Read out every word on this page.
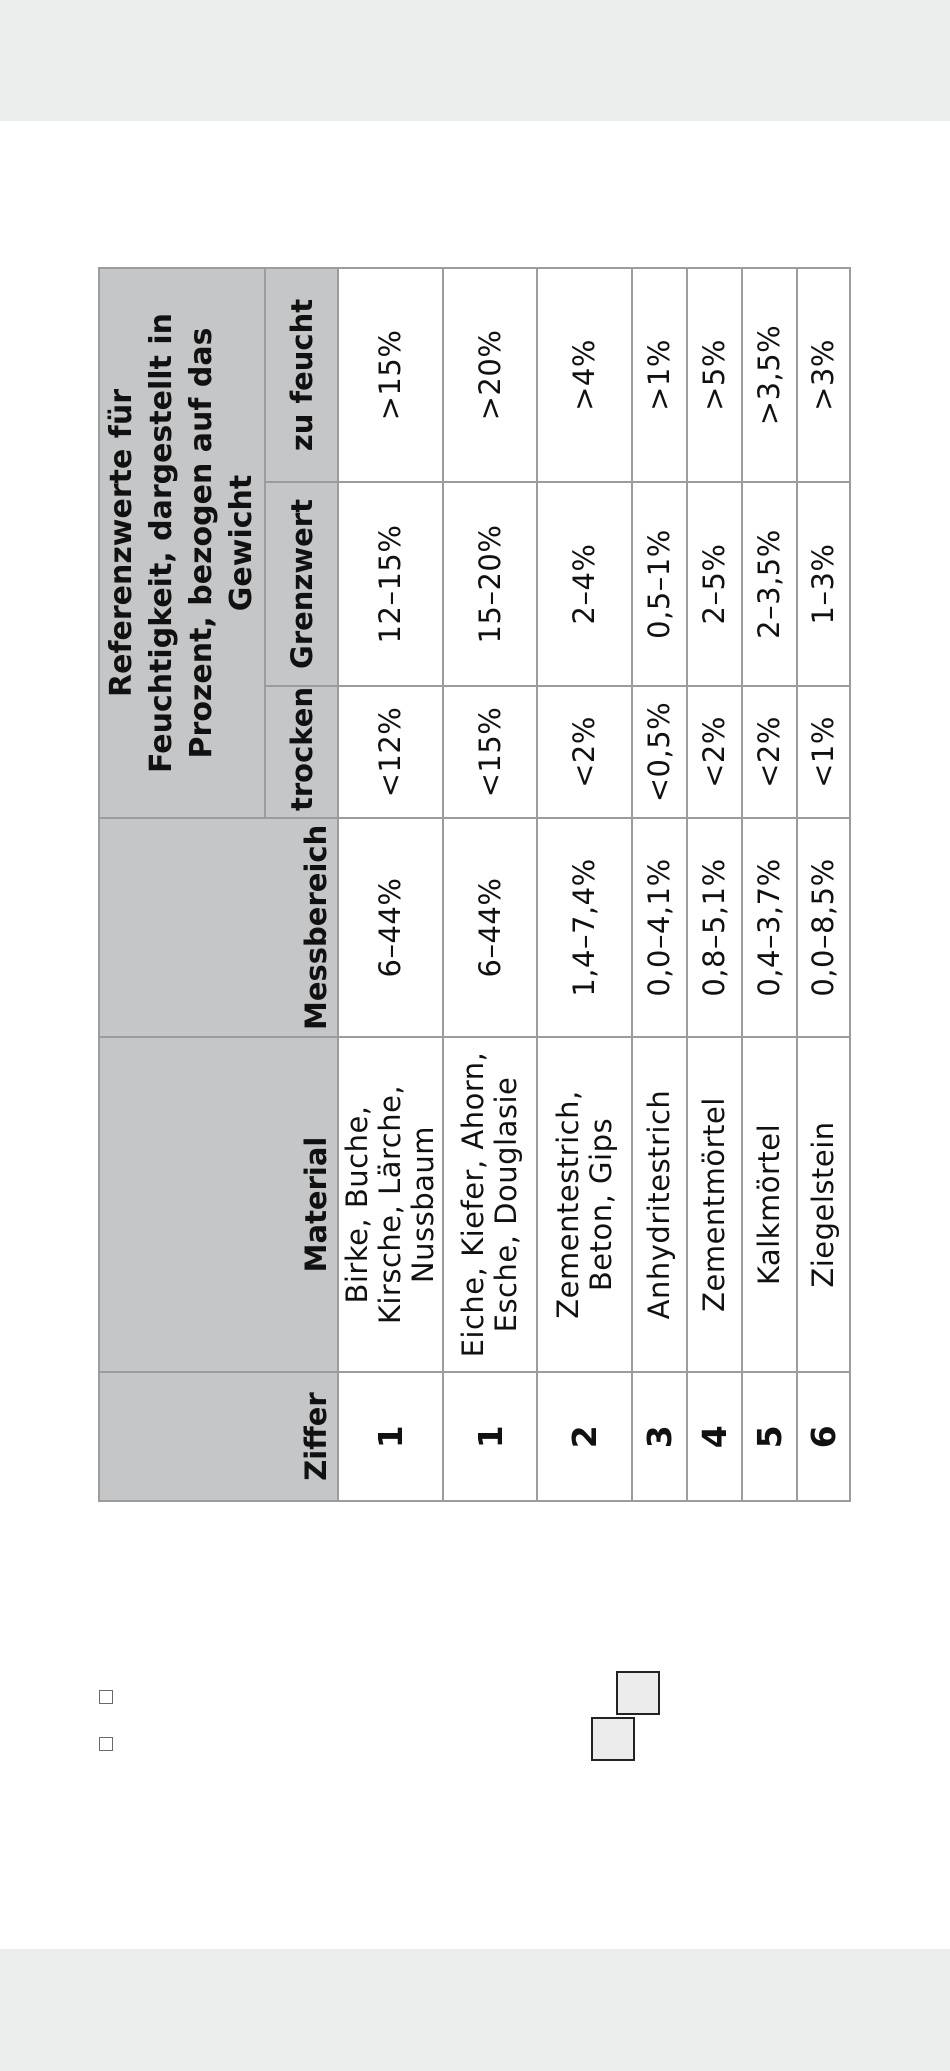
Ziffer	Material	Messbereich	Referenzwerte für Feuchtigkeit, dargestellt in Prozent, bezogen auf das Gewicht		
			trocken	Grenzwert	zu feucht
1	Birke, Buche, Kirsche, Lärche, Nussbaum	6–44%	<12%	12–15%	>15%
1	Eiche, Kiefer, Ahorn, Esche, Douglasie	6–44%	<15%	15–20%	>20%
2	Zementestrich, Beton, Gips	1,4–7,4%	<2%	2–4%	>4%
3	Anhydritestrich	0,0–4,1%	<0,5%	0,5–1%	>1%
4	Zementmörtel	0,8–5,1%	<2%	2–5%	>5%
5	Kalkmörtel	0,4–3,7%	<2%	2–3,5%	>3,5%
6	Ziegelstein	0,0–8,5%	<1%	1–3%	>3%
